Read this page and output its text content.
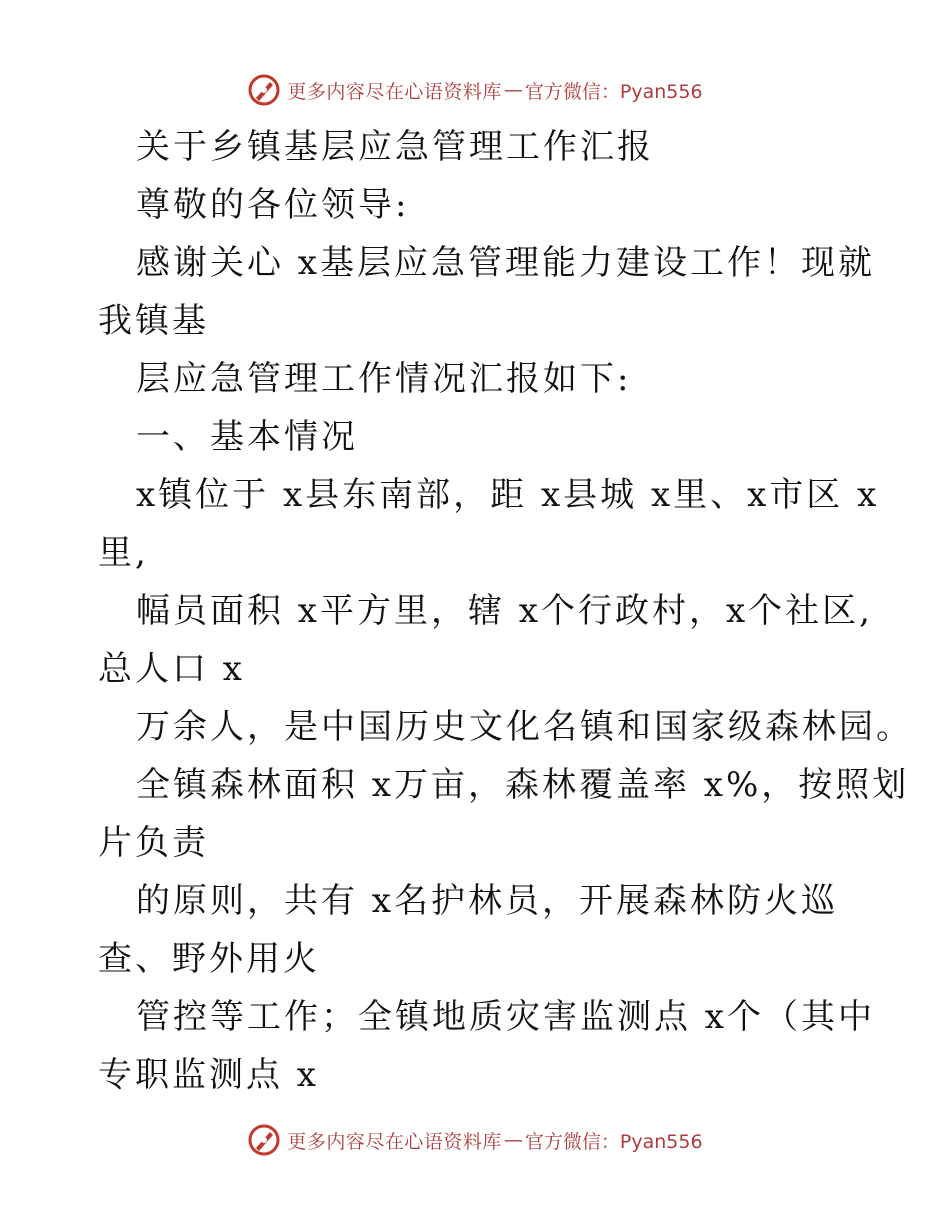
更多内容尽在心语资料库 — 官方微信：Pyan556
关于乡镇基层应急管理工作汇报
尊敬的各位领导:
感谢关心 x基层应急管理能力建设工作！现就
我镇基
层应急管理工作情况汇报如下:
一、基本情况
x镇位于 x县东南部，距 x县城 x里、x市区 x
里,
幅员面积 x平方里，辖 x个行政村，x个社区,
总人口 x
万余人，是中国历史文化名镇和国家级森林园。
全镇森林面积 x万亩，森林覆盖率 x%，按照划
片负责
的原则，共有 x名护林员，开展森林防火巡
查、野外用火
管控等工作；全镇地质灾害监测点 x个（其中
专职监测点 x
更多内容尽在心语资料库 — 官方微信：Pyan556
